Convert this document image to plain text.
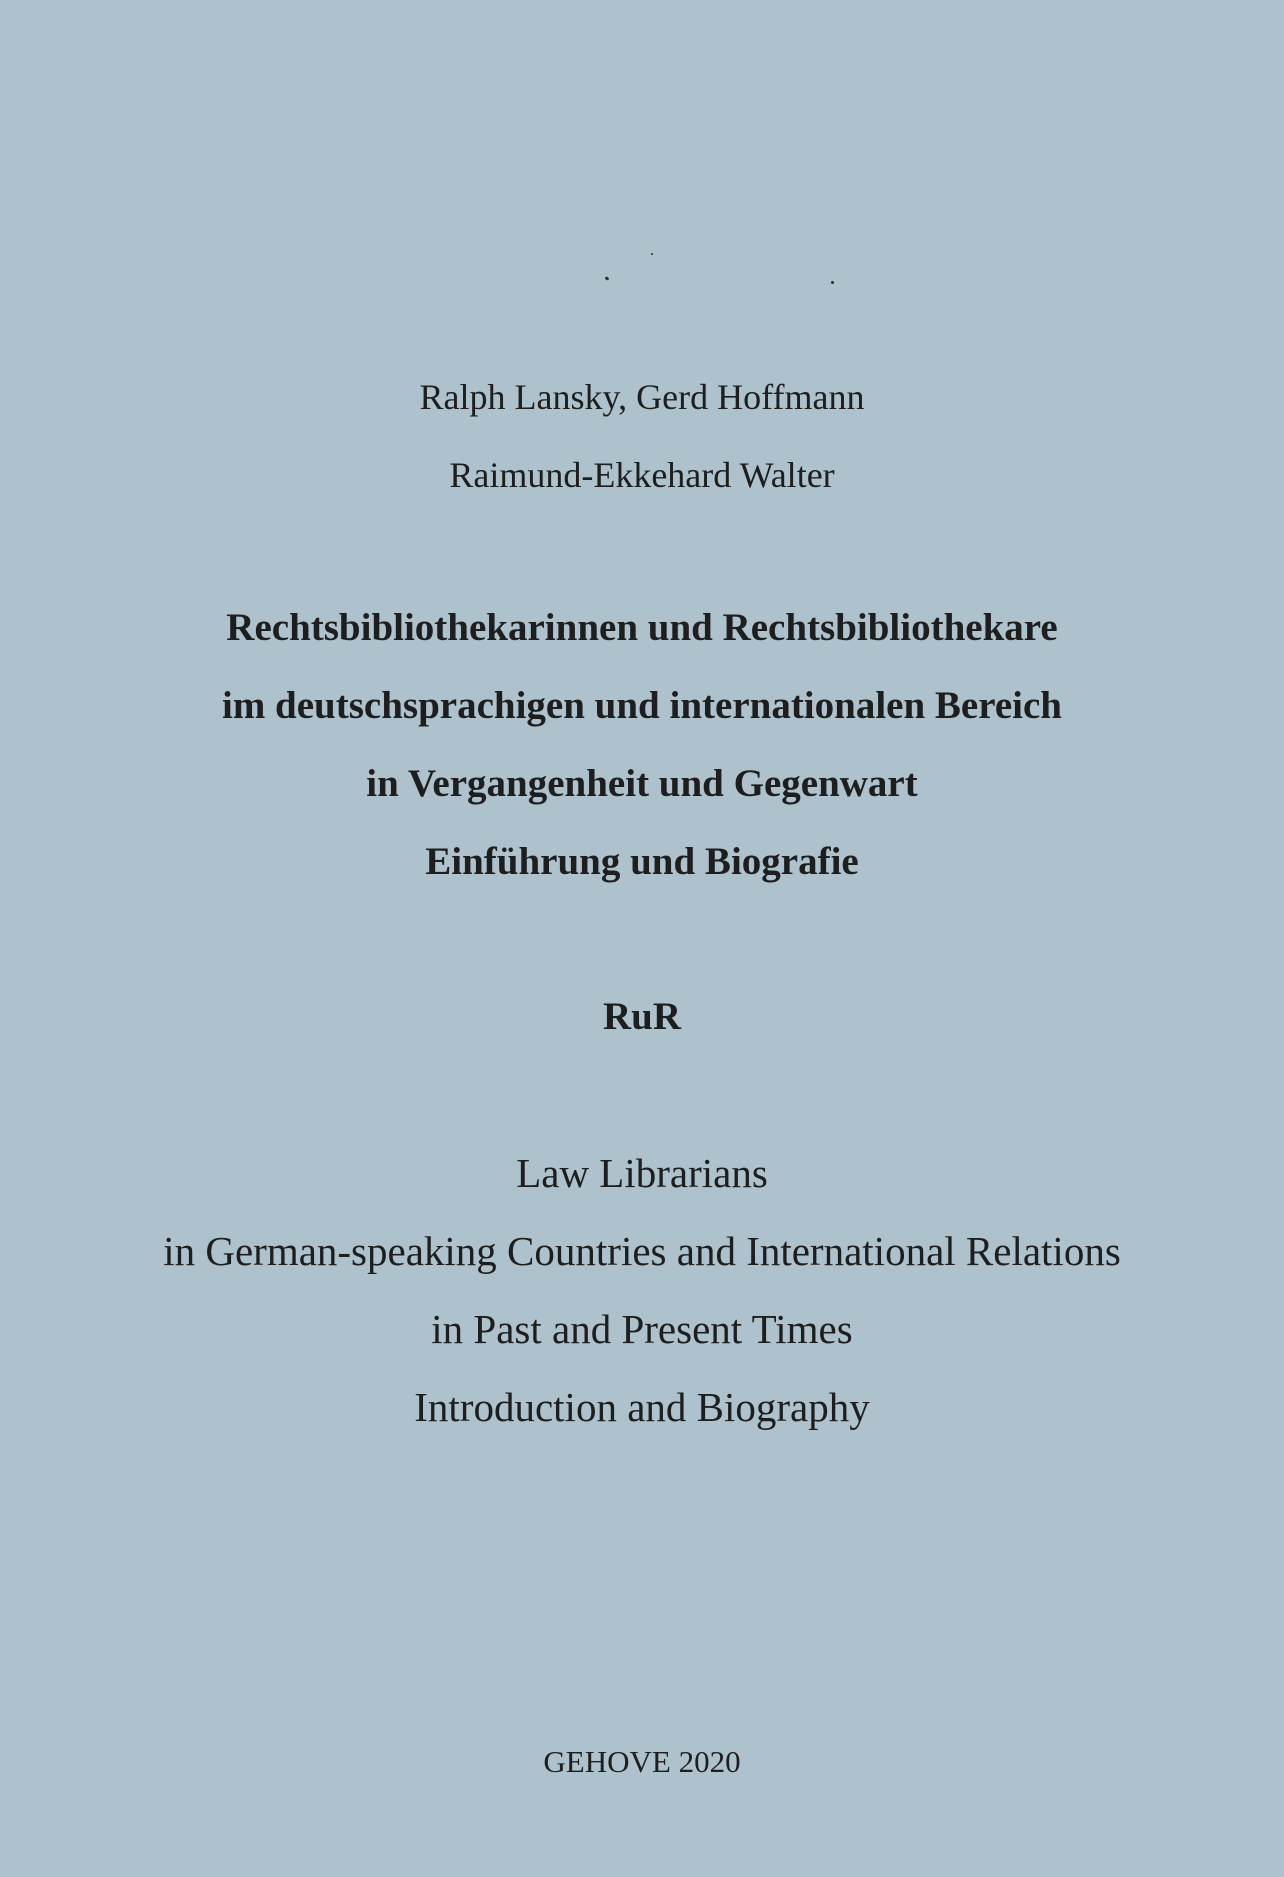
Ralph Lansky, Gerd Hoffmann
Raimund-Ekkehard Walter
Rechtsbibliothekarinnen und Rechtsbibliothekare
im deutschsprachigen und internationalen Bereich
in Vergangenheit und Gegenwart
Einführung und Biografie
RuR
Law Librarians
in German-speaking Countries and International Relations
in Past and Present Times
Introduction and Biography
GEHOVE 2020
